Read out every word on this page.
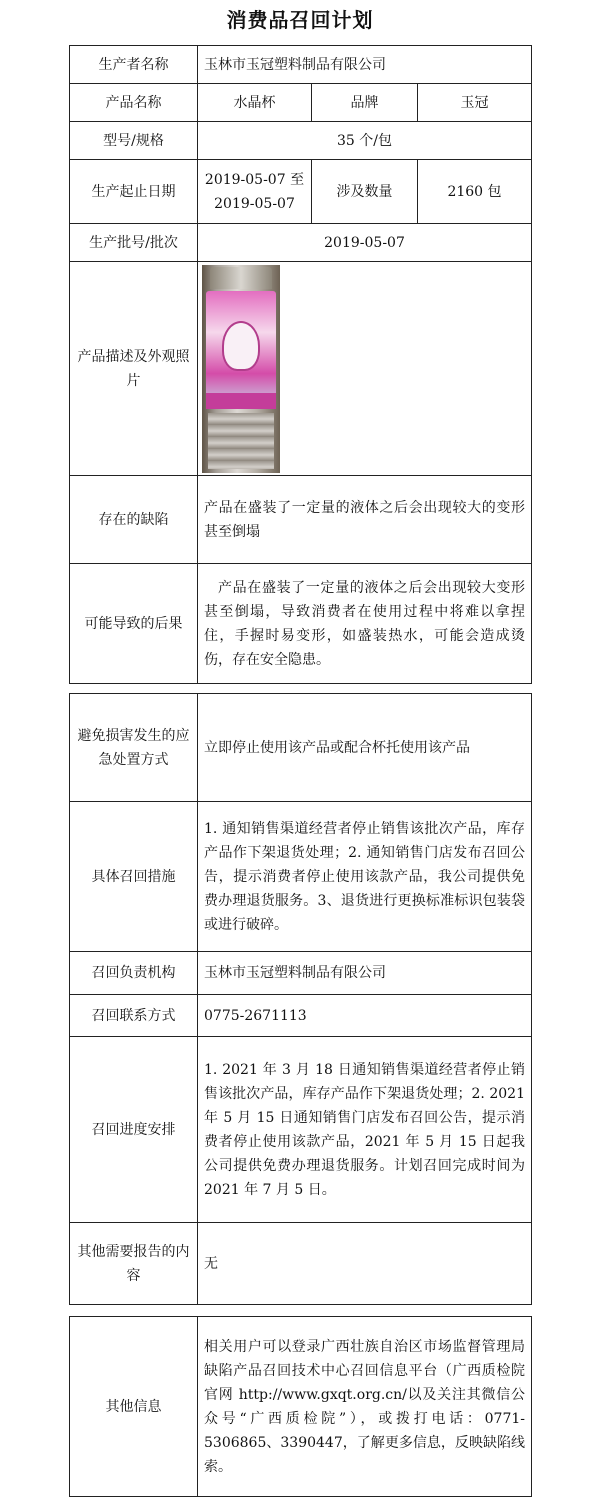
消费品召回计划
生产者名称	玉林市玉冠塑料制品有限公司		
产品名称	水晶杯	品牌	玉冠
型号/规格	35 个/包		
生产起止日期	2019-05-07 至 2019-05-07	涉及数量	2160 包
生产批号/批次	2019-05-07		
产品描述及外观照片			

存在的缺陷	产品在盛装了一定量的液体之后会出现较大的变形甚至倒塌		
可能导致的后果	产品在盛装了一定量的液体之后会出现较大变形甚至倒塌，导致消费者在使用过程中将难以拿捏住，手握时易变形，如盛装热水，可能会造成烫伤，存在安全隐患。		
避免损害发生的应急处置方式	立即停止使用该产品或配合杯托使用该产品
具体召回措施	1. 通知销售渠道经营者停止销售该批次产品，库存产品作下架退货处理；2. 通知销售门店发布召回公告，提示消费者停止使用该款产品，我公司提供免费办理退货服务。3、退货进行更换标准标识包装袋或进行破碎。
召回负责机构	玉林市玉冠塑料制品有限公司
召回联系方式	0775-2671113
召回进度安排	1. 2021 年 3 月 18 日通知销售渠道经营者停止销售该批次产品，库存产品作下架退货处理；2. 2021 年 5 月 15 日通知销售门店发布召回公告，提示消费者停止使用该款产品，2021 年 5 月 15 日起我公司提供免费办理退货服务。计划召回完成时间为 2021 年 7 月 5 日。
其他需要报告的内容	无
其他信息	相关用户可以登录广西壮族自治区市场监督管理局缺陷产品召回技术中心召回信息平台（广西质检院官网 http://www.gxqt.org.cn/以及关注其微信公众号“广西质检院”），或拨打电话：0771-5306865、3390447，了解更多信息，反映缺陷线索。
